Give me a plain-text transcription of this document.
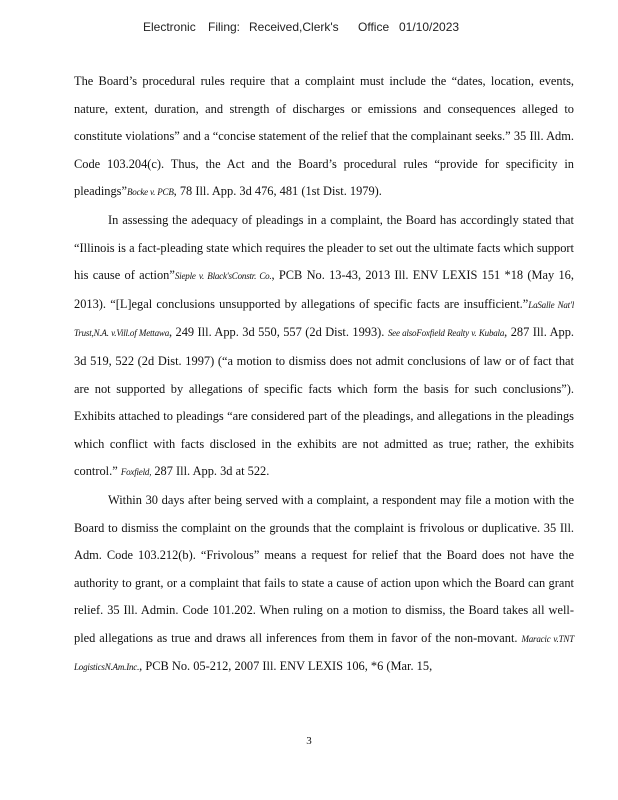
Electronic Filing: Received,Clerk's Office 01/10/2023

The Board’s procedural rules require that a complaint must include the “dates, location, events, nature, extent, duration, and strength of discharges or emissions and consequences alleged to constitute violations” and a “concise statement of the relief that the complainant seeks.” 35 Ill. Adm. Code 103.204(c). Thus, the Act and the Board’s procedural rules “provide for specificity in pleadings”Bocke v. PCB, 78 Ill. App. 3d 476, 481 (1st Dist. 1979).

In assessing the adequacy of pleadings in a complaint, the Board has accordingly stated that “Illinois is a fact-pleading state which requires the pleader to set out the ultimate facts which support his cause of action”Sieple v. Black'sConstr. Co., PCB No. 13-43, 2013 Ill. ENV LEXIS 151 *18 (May 16, 2013). “[L]egal conclusions unsupported by allegations of specific facts are insufficient.”LaSalle Nat'l Trust,N.A. v.Vill.of Mettawa, 249 Ill. App. 3d 550, 557 (2d Dist. 1993). See alsoFoxfield Realty v. Kubala, 287 Ill. App. 3d 519, 522 (2d Dist. 1997) (“a motion to dismiss does not admit conclusions of law or of fact that are not supported by allegations of specific facts which form the basis for such conclusions”). Exhibits attached to pleadings “are considered part of the pleadings, and allegations in the pleadings which conflict with facts disclosed in the exhibits are not admitted as true; rather, the exhibits control.” Foxfield, 287 Ill. App. 3d at 522.

Within 30 days after being served with a complaint, a respondent may file a motion with the Board to dismiss the complaint on the grounds that the complaint is frivolous or duplicative. 35 Ill. Adm. Code 103.212(b). “Frivolous” means a request for relief that the Board does not have the authority to grant, or a complaint that fails to state a cause of action upon which the Board can grant relief. 35 Ill. Admin. Code 101.202. When ruling on a motion to dismiss, the Board takes all well-pled allegations as true and draws all inferences from them in favor of the non-movant. Maracic v.TNT LogisticsN.Am.Inc., PCB No. 05-212, 2007 Ill. ENV LEXIS 106, *6 (Mar. 15,

3
